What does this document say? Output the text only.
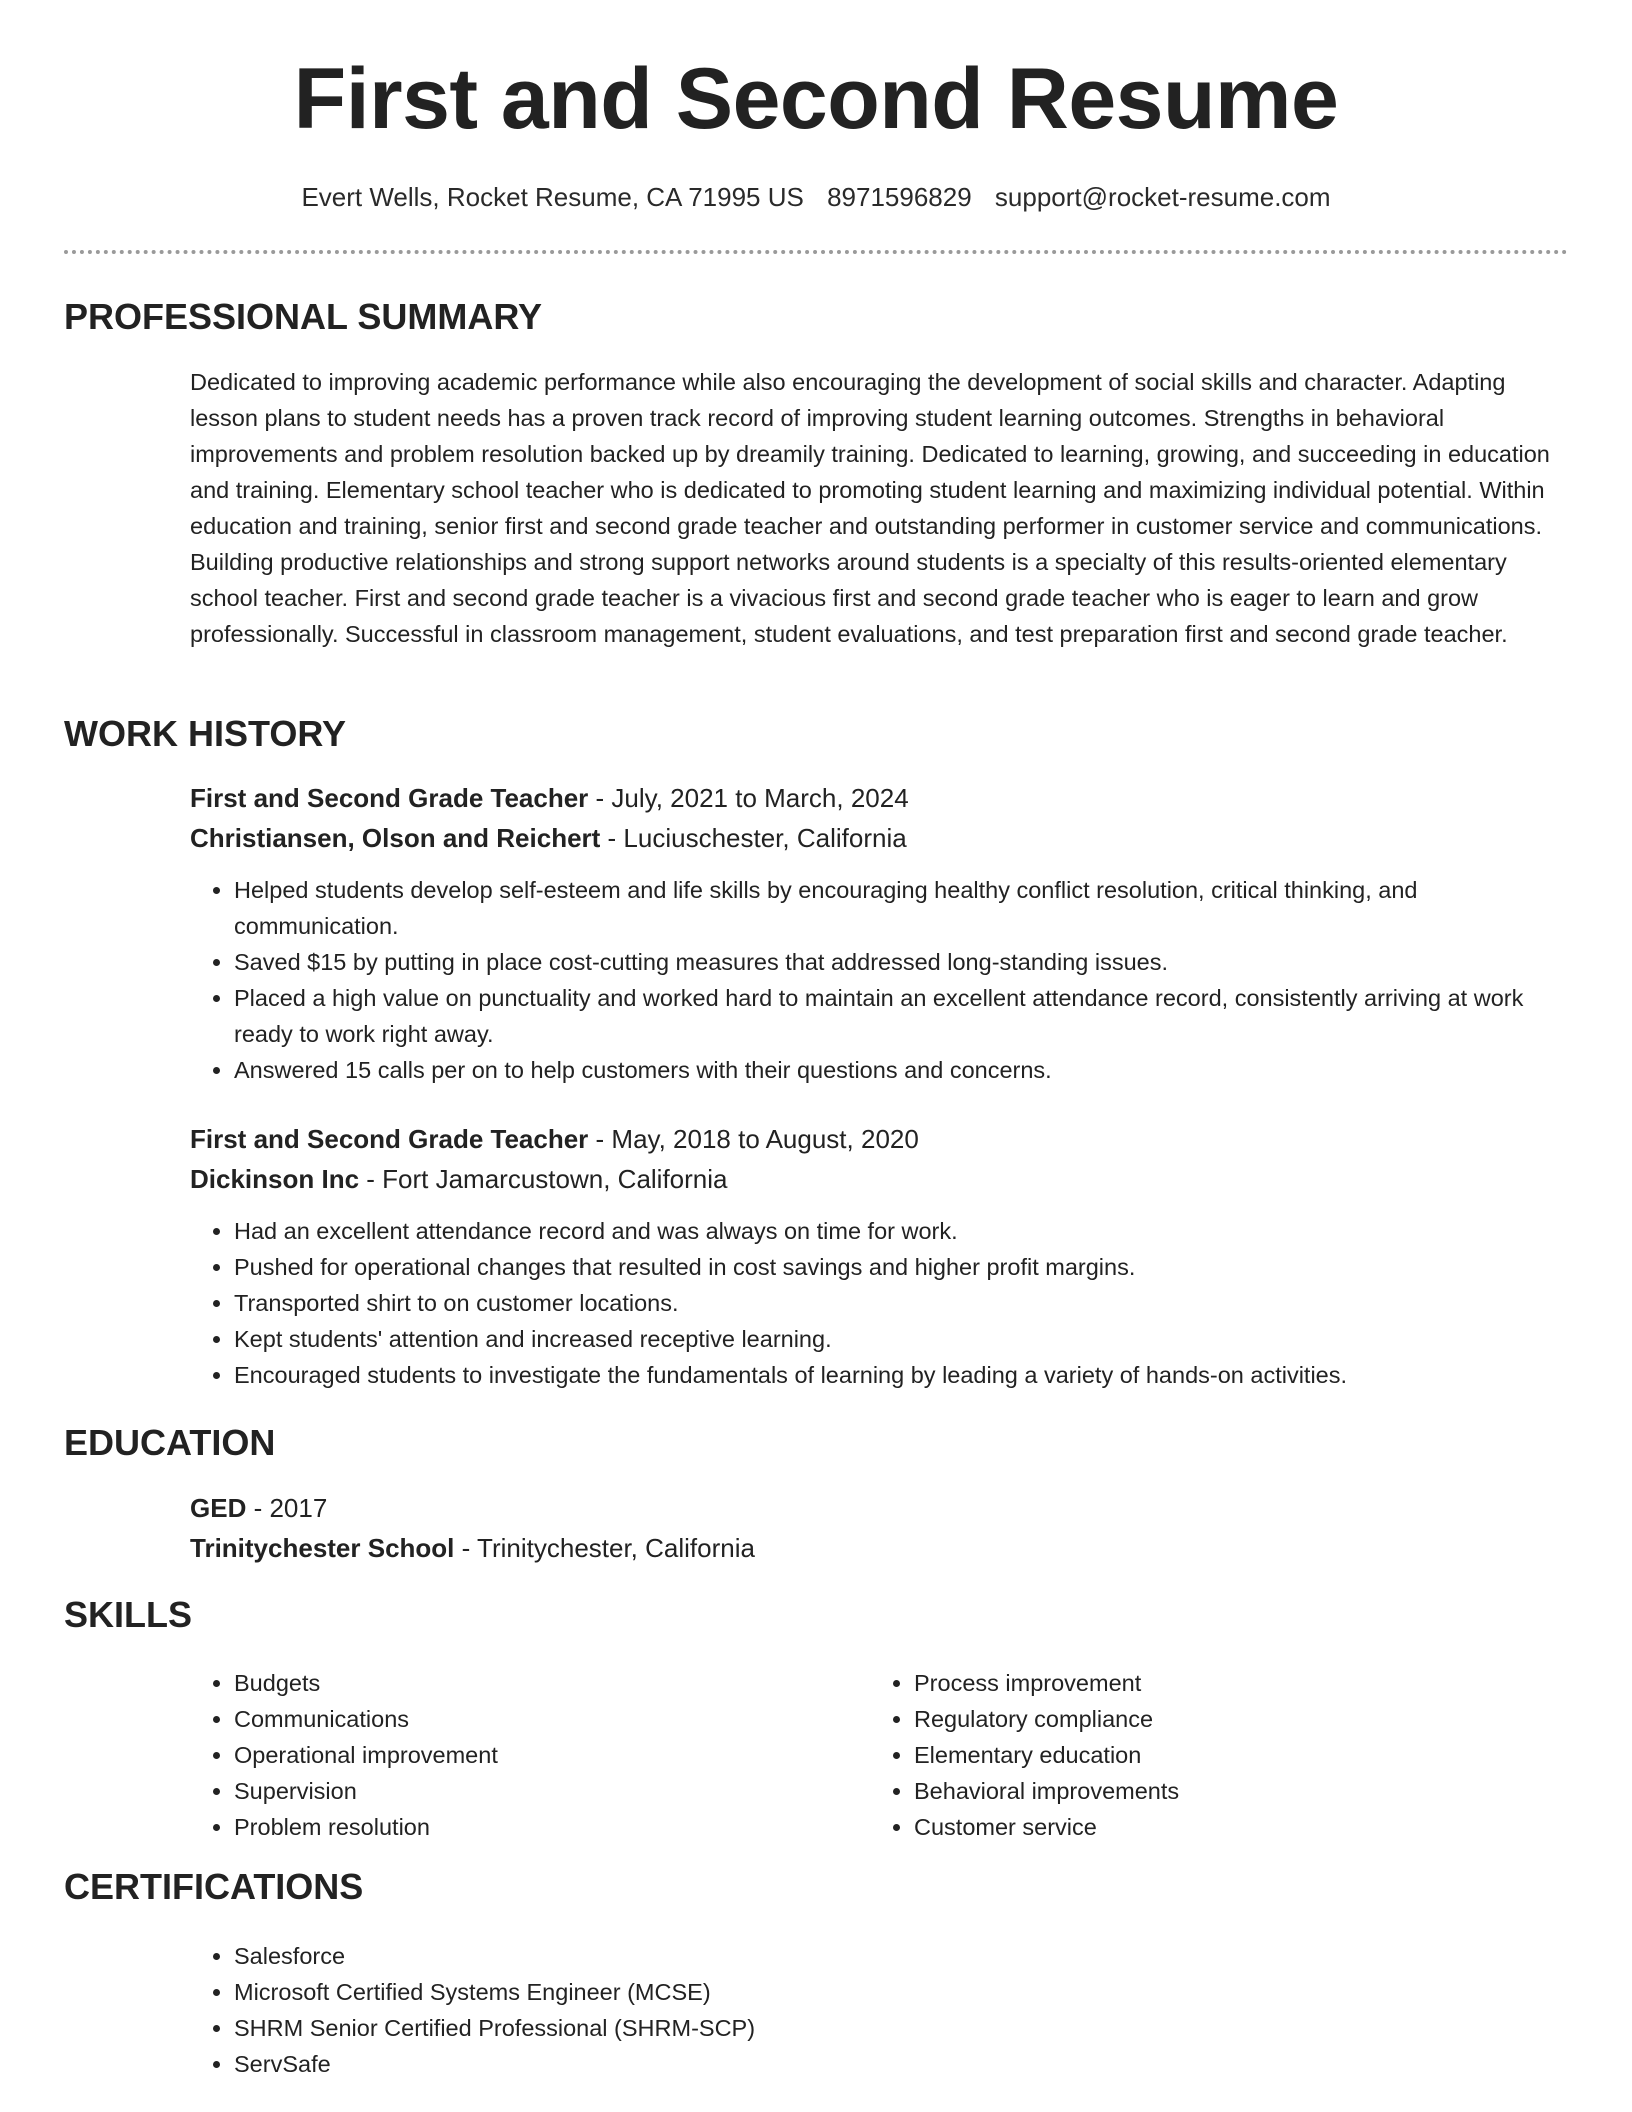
First and Second Resume
Evert Wells, Rocket Resume, CA 71995 US 8971596829 support@rocket-resume.com
PROFESSIONAL SUMMARY

Dedicated to improving academic performance while also encouraging the development of social skills and character. Adapting lesson plans to student needs has a proven track record of improving student learning outcomes. Strengths in behavioral improvements and problem resolution backed up by dreamily training. Dedicated to learning, growing, and succeeding in education and training. Elementary school teacher who is dedicated to promoting student learning and maximizing individual potential. Within education and training, senior first and second grade teacher and outstanding performer in customer service and communications. Building productive relationships and strong support networks around students is a specialty of this results-oriented elementary school teacher. First and second grade teacher is a vivacious first and second grade teacher who is eager to learn and grow professionally. Successful in classroom management, student evaluations, and test preparation first and second grade teacher.

WORK HISTORY
First and Second Grade Teacher - July, 2021 to March, 2024
Christiansen, Olson and Reichert - Luciuschester, California
• Helped students develop self-esteem and life skills by encouraging healthy conflict resolution, critical thinking, and communication.
• Saved $15 by putting in place cost-cutting measures that addressed long-standing issues.
• Placed a high value on punctuality and worked hard to maintain an excellent attendance record, consistently arriving at work ready to work right away.
• Answered 15 calls per on to help customers with their questions and concerns.
First and Second Grade Teacher - May, 2018 to August, 2020
Dickinson Inc - Fort Jamarcustown, California
• Had an excellent attendance record and was always on time for work.
• Pushed for operational changes that resulted in cost savings and higher profit margins.
• Transported shirt to on customer locations.
• Kept students' attention and increased receptive learning.
• Encouraged students to investigate the fundamentals of learning by leading a variety of hands-on activities.
EDUCATION
GED - 2017
Trinitychester School - Trinitychester, California
SKILLS
• Budgets
• Communications
• Operational improvement
• Supervision
• Problem resolution
• Process improvement
• Regulatory compliance
• Elementary education
• Behavioral improvements
• Customer service
CERTIFICATIONS
• Salesforce
• Microsoft Certified Systems Engineer (MCSE)
• SHRM Senior Certified Professional (SHRM-SCP)
• ServSafe
